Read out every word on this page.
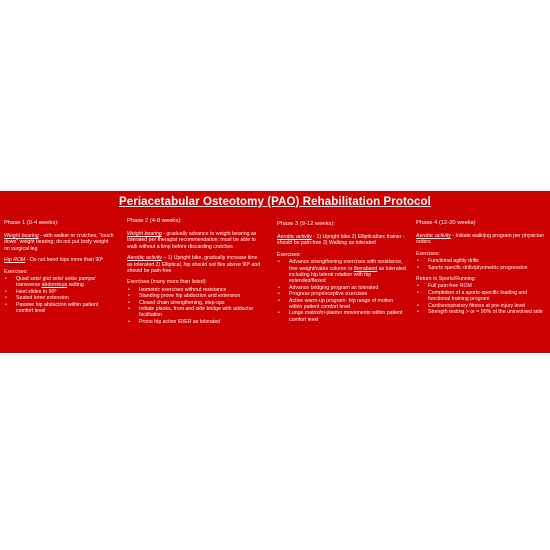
Periacetabular Osteotomy (PAO) Rehabilitation Protocol
Phase 1 (0-4 weeks):

Weight bearing - with walker or crutches, “touch down” weight bearing; do not put body weight on surgical leg

Hip ROM - Do not bend hips more than 90º

Exercises:
• Quad sets/ glut sets/ ankle pumps/ transverse abdominus setting
• Heel slides to 90º
• Seated knee extension
• Passive hip abduction within patient comfort level
Phase 2 (4-8 weeks):

Weight bearing - gradually advance to weight bearing as tolerated per therapist recommendation; must be able to walk without a limp before discarding crutches

Aerobic activity – 1) Upright bike, gradually increase time as tolerated 2) Elliptical, hip should not flex above 90º and should be pain-free

Exercises (many more than listed):
• Isometric exercises without resistance
• Standing prone hip abduction and extension
• Closed chain strengthening, step-ups
• Initiate planks, front and side bridge with adductor facilitation
• Prone hip active IR/ER as tolerated
Phase 3 (9-12 weeks):

Aerobic activity - 1) Upright bike 2) Elliptical/arc trainer - should be pain-free 3) Walking as tolerated

Exercises:
• Advance strengthening exercises with resistance, free weight/cable column or theraband as tolerated including hip lateral rotation with hip extended/flexed
• Advance bridging program as tolerated
• Progress proprioceptive exercises
• Active warm-up program- hip range of motion within patient comfort level
• Lunge matrix/tri-planter movements within patient comfort level
Phase 4 (12-20 weeks)

Aerobic activity - Initiate walk/jog program per physician orders

Exercises:
• Functional agility drills
• Sports specific drills/plyometric progression
Return to Sports/Running:
• Full pain-free ROM
• Completion of a sports-specific loading and functional training program
• Cardiorespiratory fitness at pre-injury level
• Strength testing > or = 90% of the uninvolved side
